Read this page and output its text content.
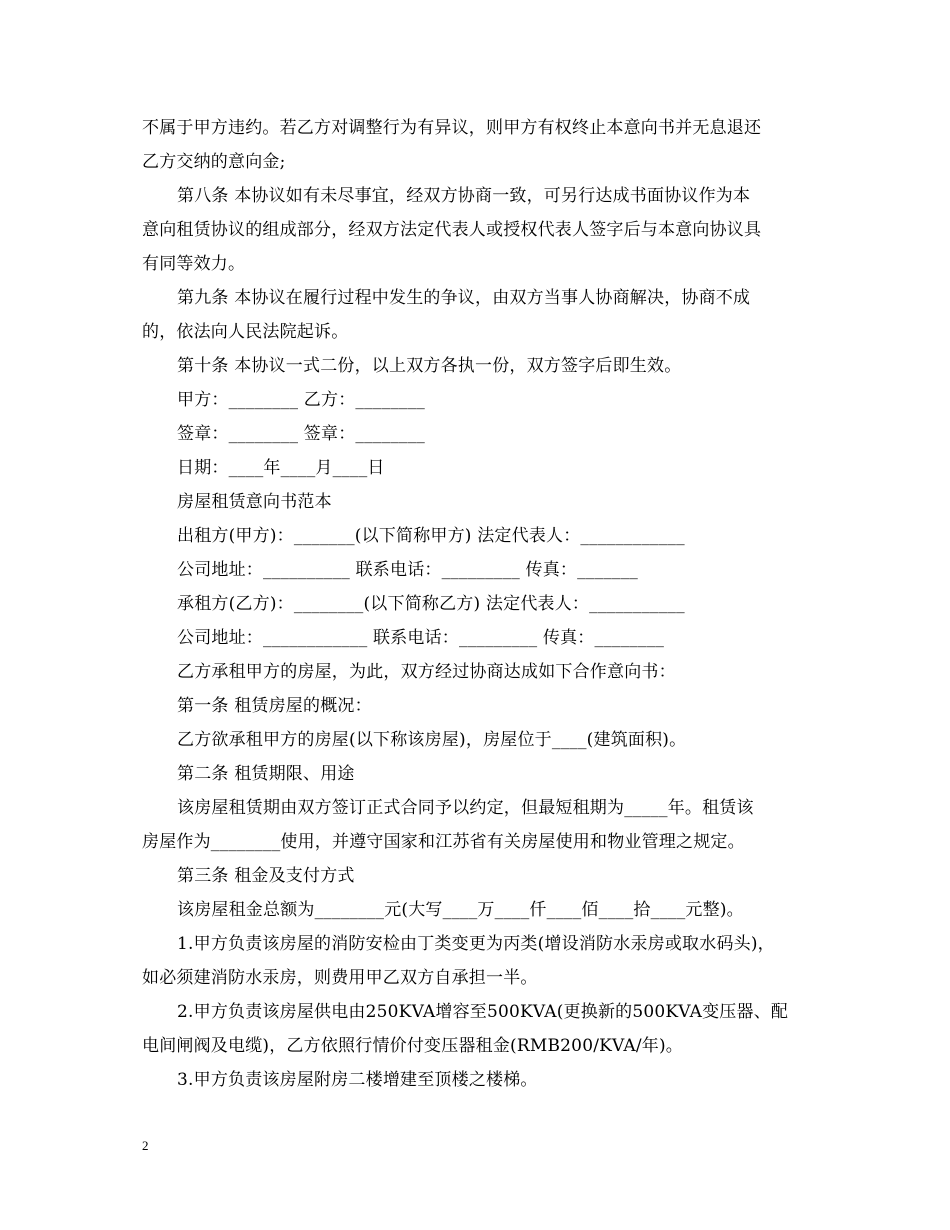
不属于甲方违约。若乙方对调整行为有异议，则甲方有权终止本意向书并无息退还
乙方交纳的意向金;
第八条 本协议如有未尽事宜，经双方协商一致，可另行达成书面协议作为本
意向租赁协议的组成部分，经双方法定代表人或授权代表人签字后与本意向协议具
有同等效力。
第九条 本协议在履行过程中发生的争议，由双方当事人协商解决，协商不成
的，依法向人民法院起诉。
第十条 本协议一式二份，以上双方各执一份，双方签字后即生效。
甲方：________ 乙方：________
签章：________ 签章：________
日期：____年____月____日
房屋租赁意向书范本
出租方(甲方)：_______(以下简称甲方) 法定代表人：____________
公司地址：__________ 联系电话：_________ 传真：_______
承租方(乙方)：________(以下简称乙方) 法定代表人：___________
公司地址：____________ 联系电话：_________ 传真：________
乙方承租甲方的房屋，为此，双方经过协商达成如下合作意向书：
第一条 租赁房屋的概况：
乙方欲承租甲方的房屋(以下称该房屋)，房屋位于____(建筑面积)。
第二条 租赁期限、用途
该房屋租赁期由双方签订正式合同予以约定，但最短租期为_____年。租赁该
房屋作为________使用，并遵守国家和江苏省有关房屋使用和物业管理之规定。
第三条 租金及支付方式
该房屋租金总额为________元(大写____万____仟____佰____拾____元整)。
1.甲方负责该房屋的消防安检由丁类变更为丙类(增设消防水汞房或取水码头)，
如必须建消防水汞房，则费用甲乙双方自承担一半。
2.甲方负责该房屋供电由250KVA增容至500KVA(更换新的500KVA变压器、配
电间闸阀及电缆)，乙方依照行情价付变压器租金(RMB200/KVA/年)。
3.甲方负责该房屋附房二楼增建至顶楼之楼梯。
2
